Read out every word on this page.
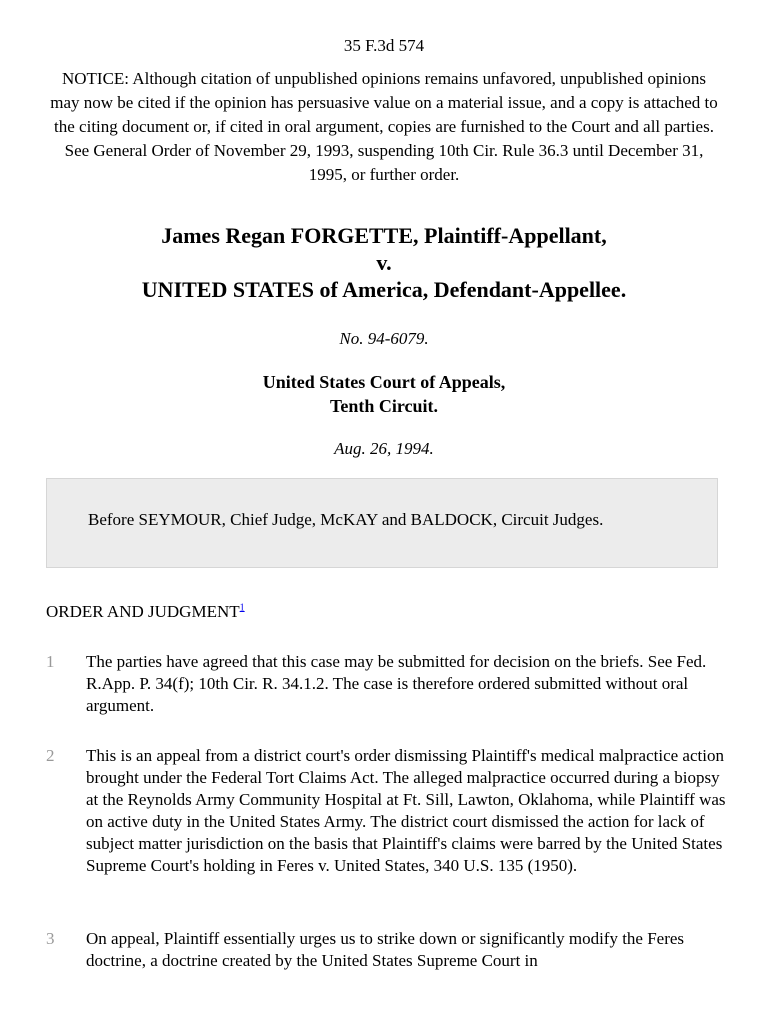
35 F.3d 574
NOTICE: Although citation of unpublished opinions remains unfavored, unpublished opinions may now be cited if the opinion has persuasive value on a material issue, and a copy is attached to the citing document or, if cited in oral argument, copies are furnished to the Court and all parties. See General Order of November 29, 1993, suspending 10th Cir. Rule 36.3 until December 31, 1995, or further order.
James Regan FORGETTE, Plaintiff-Appellant,
v.
UNITED STATES of America, Defendant-Appellee.
No. 94-6079.
United States Court of Appeals,
Tenth Circuit.
Aug. 26, 1994.
Before SEYMOUR, Chief Judge, McKAY and BALDOCK, Circuit Judges.
ORDER AND JUDGMENT$^1$
1	The parties have agreed that this case may be submitted for decision on the briefs. See Fed. R.App. P. 34(f); 10th Cir. R. 34.1.2. The case is therefore ordered submitted without oral argument.
2	This is an appeal from a district court's order dismissing Plaintiff's medical malpractice action brought under the Federal Tort Claims Act. The alleged malpractice occurred during a biopsy at the Reynolds Army Community Hospital at Ft. Sill, Lawton, Oklahoma, while Plaintiff was on active duty in the United States Army. The district court dismissed the action for lack of subject matter jurisdiction on the basis that Plaintiff's claims were barred by the United States Supreme Court's holding in Feres v. United States, 340 U.S. 135 (1950).
3	On appeal, Plaintiff essentially urges us to strike down or significantly modify the Feres doctrine, a doctrine created by the United States Supreme Court in
